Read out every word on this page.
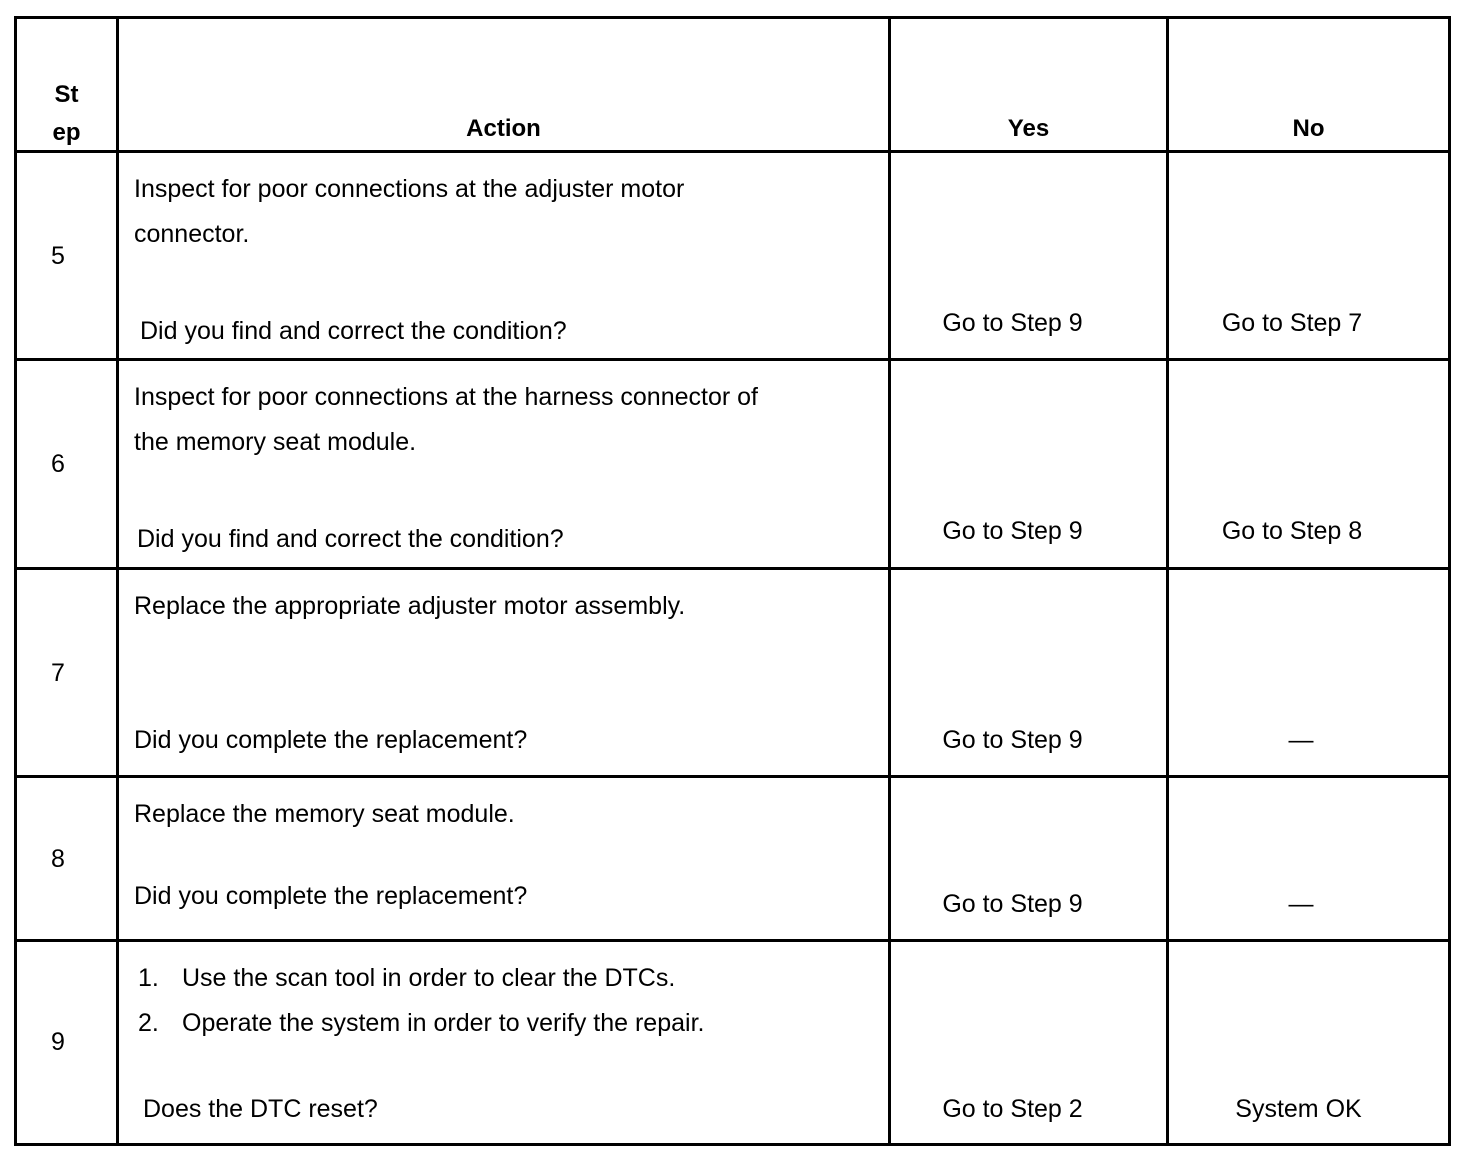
St
ep	Action	Yes	No
5
Inspect for poor connections at the adjuster motor
connector.
Did you find and correct the condition?	Go to Step 9	Go to Step 7
6
Inspect for poor connections at the harness connector of
the memory seat module.
Did you find and correct the condition?	Go to Step 9	Go to Step 8
7
Replace the appropriate adjuster motor assembly.
Did you complete the replacement?	Go to Step 9	—
8
Replace the memory seat module.
Did you complete the replacement?	Go to Step 9	—
9
1. Use the scan tool in order to clear the DTCs.
2. Operate the system in order to verify the repair.
Does the DTC reset?	Go to Step 2	System OK
